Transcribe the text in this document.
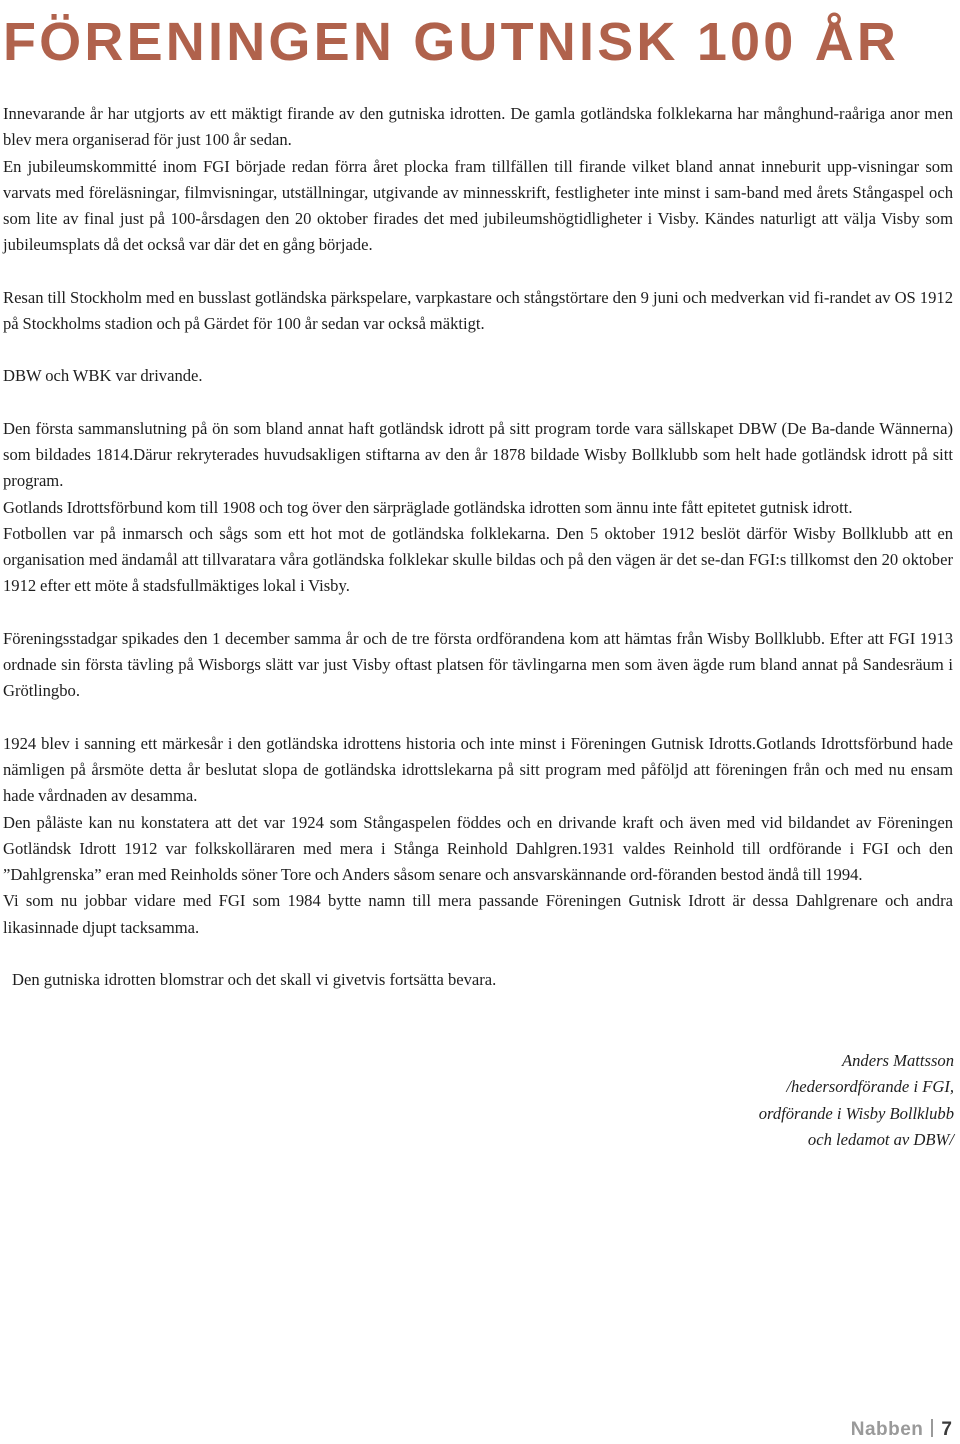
FÖRENINGEN GUTNISK 100 ÅR

Innevarande år har utgjorts av ett mäktigt firande av den gutniska idrotten. De gamla gotländska folklekarna har månghund-raåriga anor men blev mera organiserad för just 100 år sedan.

En jubileumskommitté inom FGI började redan förra året plocka fram tillfällen till firande vilket bland annat inneburit upp-visningar som varvats med föreläsningar, filmvisningar, utställningar, utgivande av minnesskrift, festligheter inte minst i sam-band med årets Stångaspel och som lite av final just på 100-årsdagen den 20 oktober firades det med jubileumshögtidligheter i Visby. Kändes naturligt att välja Visby som jubileumsplats då det också var där det en gång började.

Resan till Stockholm med en busslast gotländska pärkspelare, varpkastare och stångstörtare den 9 juni och medverkan vid fi-randet av OS 1912 på Stockholms stadion och på Gärdet för 100 år sedan var också mäktigt.

DBW och WBK var drivande.

Den första sammanslutning på ön som bland annat haft gotländsk idrott på sitt program torde vara sällskapet DBW (De Ba-dande Wännerna) som bildades 1814.Därur rekryterades huvudsakligen stiftarna av den år 1878 bildade Wisby Bollklubb som helt hade gotländsk idrott på sitt program.

Gotlands Idrottsförbund kom till 1908 och tog över den särpräglade gotländska idrotten som ännu inte fått epitetet gutnisk idrott.

Fotbollen var på inmarsch och sågs som ett hot mot de gotländska folklekarna. Den 5 oktober 1912 beslöt därför Wisby Bollklubb att en organisation med ändamål att tillvaratага våra gotländska folklekar skulle bildas och på den vägen är det se-dan FGI:s tillkomst den 20 oktober 1912 efter ett möte å stadsfullmäktiges lokal i Visby.

Föreningsstadgar spikades den 1 december samma år och de tre första ordförandena kom att hämtas från Wisby Bollklubb. Efter att FGI 1913 ordnade sin första tävling på Wisborgs slätt var just Visby oftast platsen för tävlingarna men som även ägde rum bland annat på Sandesräum i Grötlingbo.

1924 blev i sanning ett märkesår i den gotländska idrottens historia och inte minst i Föreningen Gutnisk Idrotts.Gotlands Idrottsförbund hade nämligen på årsmöte detta år beslutat slopa de gotländska idrottslekarna på sitt program med påföljd att föreningen från och med nu ensam hade vårdnaden av desamma.

Den påläste kan nu konstatera att det var 1924 som Stångaspelen föddes och en drivande kraft och även med vid bildandet av Föreningen Gotländsk Idrott 1912 var folkskolläraren med mera i Stånga Reinhold Dahlgren.1931 valdes Reinhold till ordförande i FGI och den ”Dahlgrenska” eran med Reinholds söner Tore och Anders såsom senare och ansvarskännande ord-föranden bestod ändå till 1994.

Vi som nu jobbar vidare med FGI som 1984 bytte namn till mera passande Föreningen Gutnisk Idrott är dessa Dahlgrenare och andra likasinnade djupt tacksamma.

Den gutniska idrotten blomstrar och det skall vi givetvis fortsätta bevara.

Anders Mattsson
/hedersordförande i FGI,
ordförande i Wisby Bollklubb
och ledamot av DBW/
Nabben 7
